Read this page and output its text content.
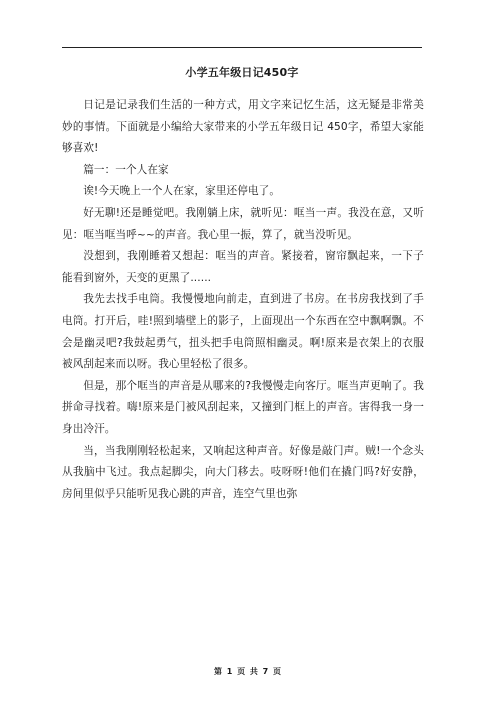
小学五年级日记450字

日记是记录我们生活的一种方式，用文字来记忆生活，这无疑是非常美妙的事情。下面就是小编给大家带来的小学五年级日记 450字，希望大家能够喜欢!

篇一：一个人在家

诶!今天晚上一个人在家，家里还停电了。

好无聊!还是睡觉吧。我刚躺上床，就听见：哐当一声。我没在意，又听见：哐当哐当呼~~的声音。我心里一振，算了，就当没听见。

没想到，我刚睡着又想起：哐当的声音。紧接着，窗帘飘起来，一下子能看到窗外，天变的更黑了......

我先去找手电筒。我慢慢地向前走，直到进了书房。在书房我找到了手电筒。打开后，哇!照到墙壁上的影子，上面现出一个东西在空中飘啊飘。不会是幽灵吧?我鼓起勇气，扭头把手电筒照相幽灵。啊!原来是衣架上的衣服被风刮起来而以呀。我心里轻松了很多。

但是，那个哐当的声音是从哪来的?我慢慢走向客厅。哐当声更响了。我拼命寻找着。嗨!原来是门被风刮起来，又撞到门框上的声音。害得我一身一身出冷汗。

当，当我刚刚轻松起来，又响起这种声音。好像是敲门声。贼!一个念头从我脑中飞过。我点起脚尖，向大门移去。吱呀呀!他们在撬门吗?好安静，房间里似乎只能听见我心跳的声音，连空气里也弥

第 1 页 共 7 页
